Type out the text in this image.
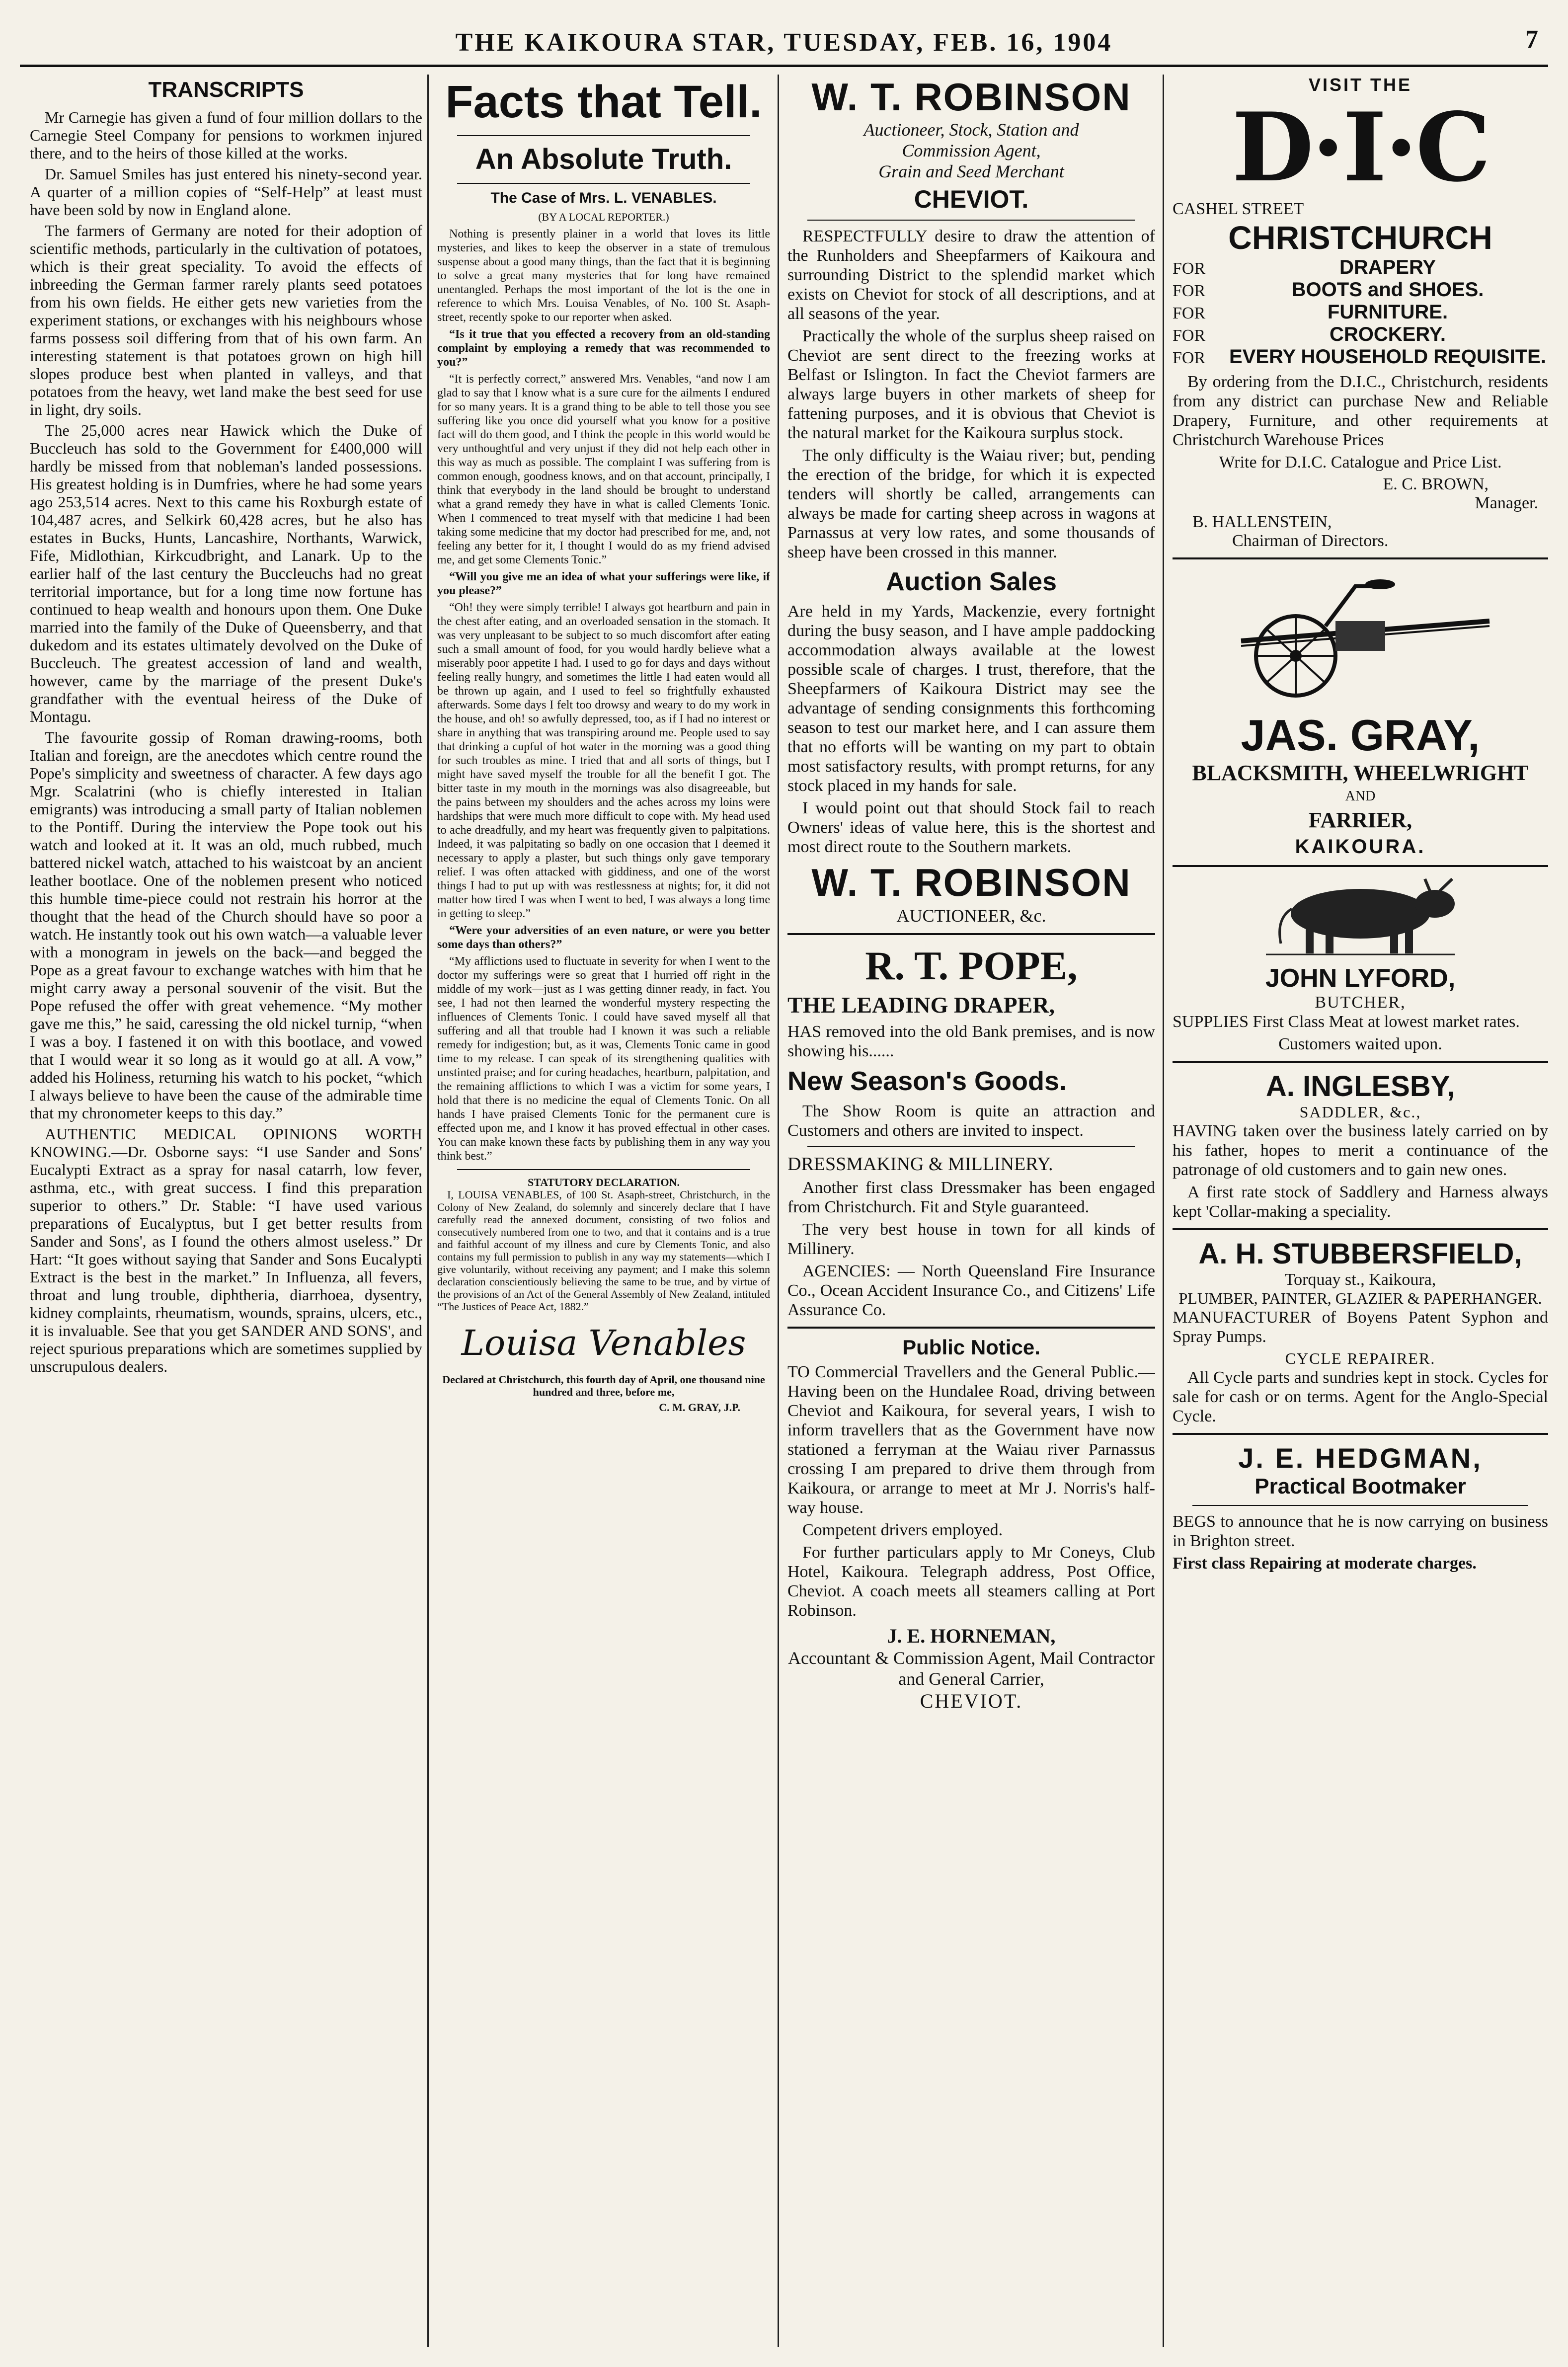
THE KAIKOURA STAR, TUESDAY, FEB. 16, 1904	7
TRANSCRIPTS

Mr Carnegie has given a fund of four million dollars to the Carnegie Steel Company for pensions to workmen injured there, and to the heirs of those killed at the works.

Dr. Samuel Smiles has just entered his ninety-second year. A quarter of a million copies of “Self-Help” at least must have been sold by now in England alone.

The farmers of Germany are noted for their adoption of scientific methods, particularly in the cultivation of potatoes, which is their great speciality. To avoid the effects of inbreeding the German farmer rarely plants seed potatoes from his own fields. He either gets new varieties from the experiment stations, or exchanges with his neighbours whose farms possess soil differing from that of his own farm. An interesting statement is that potatoes grown on high hill slopes produce best when planted in valleys, and that potatoes from the heavy, wet land make the best seed for use in light, dry soils.

The 25,000 acres near Hawick which the Duke of Buccleuch has sold to the Government for £400,000 will hardly be missed from that nobleman's landed possessions. His greatest holding is in Dumfries, where he had some years ago 253,514 acres. Next to this came his Roxburgh estate of 104,487 acres, and Selkirk 60,428 acres, but he also has estates in Bucks, Hunts, Lancashire, Northants, Warwick, Fife, Midlothian, Kirkcudbright, and Lanark. Up to the earlier half of the last century the Buccleuchs had no great territorial importance, but for a long time now fortune has continued to heap wealth and honours upon them. One Duke married into the family of the Duke of Queensberry, and that dukedom and its estates ultimately devolved on the Duke of Buccleuch. The greatest accession of land and wealth, however, came by the marriage of the present Duke's grandfather with the eventual heiress of the Duke of Montagu.

The favourite gossip of Roman drawing-rooms, both Italian and foreign, are the anecdotes which centre round the Pope's simplicity and sweetness of character. A few days ago Mgr. Scalatrini (who is chiefly interested in Italian emigrants) was introducing a small party of Italian noblemen to the Pontiff. During the interview the Pope took out his watch and looked at it. It was an old, much rubbed, much battered nickel watch, attached to his waistcoat by an ancient leather bootlace. One of the noblemen present who noticed this humble time-piece could not restrain his horror at the thought that the head of the Church should have so poor a watch. He instantly took out his own watch—a valuable lever with a monogram in jewels on the back—and begged the Pope as a great favour to exchange watches with him that he might carry away a personal souvenir of the visit. But the Pope refused the offer with great vehemence. “My mother gave me this,” he said, caressing the old nickel turnip, “when I was a boy. I fastened it on with this bootlace, and vowed that I would wear it so long as it would go at all. A vow,” added his Holiness, returning his watch to his pocket, “which I always believe to have been the cause of the admirable time that my chronometer keeps to this day.”

AUTHENTIC MEDICAL OPINIONS WORTH KNOWING.—Dr. Osborne says: “I use Sander and Sons' Eucalypti Extract as a spray for nasal catarrh, low fever, asthma, etc., with great success. I find this preparation superior to others.” Dr. Stable: “I have used various preparations of Eucalyptus, but I get better results from Sander and Sons', as I found the others almost useless.” Dr Hart: “It goes without saying that Sander and Sons Eucalypti Extract is the best in the market.” In Influenza, all fevers, throat and lung trouble, diphtheria, diarrhoea, dysentry, kidney complaints, rheumatism, wounds, sprains, ulcers, etc., it is invaluable. See that you get SANDER AND SONS', and reject spurious preparations which are sometimes supplied by unscrupulous dealers.

Facts that Tell.
An Absolute Truth.
The Case of Mrs. L. VENABLES.
(BY A LOCAL REPORTER.)

Nothing is presently plainer in a world that loves its little mysteries, and likes to keep the observer in a state of tremulous suspense about a good many things, than the fact that it is beginning to solve a great many mysteries that for long have remained unentangled. Perhaps the most important of the lot is the one in reference to which Mrs. Louisa Venables, of No. 100 St. Asaph-street, recently spoke to our reporter when asked.

“Is it true that you effected a recovery from an old-standing complaint by employing a remedy that was recommended to you?”

“It is perfectly correct,” answered Mrs. Venables, “and now I am glad to say that I know what is a sure cure for the ailments I endured for so many years. It is a grand thing to be able to tell those you see suffering like you once did yourself what you know for a positive fact will do them good, and I think the people in this world would be very unthoughtful and very unjust if they did not help each other in this way as much as possible. The complaint I was suffering from is common enough, goodness knows, and on that account, principally, I think that everybody in the land should be brought to understand what a grand remedy they have in what is called Clements Tonic. When I commenced to treat myself with that medicine I had been taking some medicine that my doctor had prescribed for me, and, not feeling any better for it, I thought I would do as my friend advised me, and get some Clements Tonic.”

“Will you give me an idea of what your sufferings were like, if you please?”

“Oh! they were simply terrible! I always got heartburn and pain in the chest after eating, and an overloaded sensation in the stomach. It was very unpleasant to be subject to so much discomfort after eating such a small amount of food, for you would hardly believe what a miserably poor appetite I had. I used to go for days and days without feeling really hungry, and sometimes the little I had eaten would all be thrown up again, and I used to feel so frightfully exhausted afterwards. Some days I felt too drowsy and weary to do my work in the house, and oh! so awfully depressed, too, as if I had no interest or share in anything that was transpiring around me. People used to say that drinking a cupful of hot water in the morning was a good thing for such troubles as mine. I tried that and all sorts of things, but I might have saved myself the trouble for all the benefit I got. The bitter taste in my mouth in the mornings was also disagreeable, but the pains between my shoulders and the aches across my loins were hardships that were much more difficult to cope with. My head used to ache dreadfully, and my heart was frequently given to palpitations. Indeed, it was palpitating so badly on one occasion that I deemed it necessary to apply a plaster, but such things only gave temporary relief. I was often attacked with giddiness, and one of the worst things I had to put up with was restlessness at nights; for, it did not matter how tired I was when I went to bed, I was always a long time in getting to sleep.”

“Were your adversities of an even nature, or were you better some days than others?”

“My afflictions used to fluctuate in severity for when I went to the doctor my sufferings were so great that I hurried off right in the middle of my work—just as I was getting dinner ready, in fact. You see, I had not then learned the wonderful mystery respecting the influences of Clements Tonic. I could have saved myself all that suffering and all that trouble had I known it was such a reliable remedy for indigestion; but, as it was, Clements Tonic came in good time to my release. I can speak of its strengthening qualities with unstinted praise; and for curing headaches, heartburn, palpitation, and the remaining afflictions to which I was a victim for some years, I hold that there is no medicine the equal of Clements Tonic. On all hands I have praised Clements Tonic for the permanent cure is effected upon me, and I know it has proved effectual in other cases. You can make known these facts by publishing them in any way you think best.”

STATUTORY DECLARATION.

I, LOUISA VENABLES, of 100 St. Asaph-street, Christchurch, in the Colony of New Zealand, do solemnly and sincerely declare that I have carefully read the annexed document, consisting of two folios and consecutively numbered from one to two, and that it contains and is a true and faithful account of my illness and cure by Clements Tonic, and also contains my full permission to publish in any way my statements—which I give voluntarily, without receiving any payment; and I make this solemn declaration conscientiously believing the same to be true, and by virtue of the provisions of an Act of the General Assembly of New Zealand, intituled “The Justices of Peace Act, 1882.”

Louisa Venables

Declared at Christchurch, this fourth day of April, one thousand nine hundred and three, before me,

C. M. GRAY, J.P.

W. T. ROBINSON
Auctioneer, Stock, Station and
Commission Agent,
Grain and Seed Merchant
CHEVIOT.

RESPECTFULLY desire to draw the attention of the Runholders and Sheepfarmers of Kaikoura and surrounding District to the splendid market which exists on Cheviot for stock of all descriptions, and at all seasons of the year.

Practically the whole of the surplus sheep raised on Cheviot are sent direct to the freezing works at Belfast or Islington. In fact the Cheviot farmers are always large buyers in other markets of sheep for fattening purposes, and it is obvious that Cheviot is the natural market for the Kaikoura surplus stock.

The only difficulty is the Waiau river; but, pending the erection of the bridge, for which it is expected tenders will shortly be called, arrangements can always be made for carting sheep across in wagons at Parnassus at very low rates, and some thousands of sheep have been crossed in this manner.

Auction Sales

Are held in my Yards, Mackenzie, every fortnight during the busy season, and I have ample paddocking accommodation always available at the lowest possible scale of charges. I trust, therefore, that the Sheepfarmers of Kaikoura District may see the advantage of sending consignments this forthcoming season to test our market here, and I can assure them that no efforts will be wanting on my part to obtain most satisfactory results, with prompt returns, for any stock placed in my hands for sale.

I would point out that should Stock fail to reach Owners' ideas of value here, this is the shortest and most direct route to the Southern markets.

W. T. ROBINSON
AUCTIONEER, &c.
R. T. POPE,
THE LEADING DRAPER,

HAS removed into the old Bank premises, and is now showing his......

New Season's Goods.

The Show Room is quite an attraction and Customers and others are invited to inspect.

DRESSMAKING & MILLINERY.

Another first class Dressmaker has been engaged from Christchurch. Fit and Style guaranteed.

The very best house in town for all kinds of Millinery.

AGENCIES: — North Queensland Fire Insurance Co., Ocean Accident Insurance Co., and Citizens' Life Assurance Co.

Public Notice.

TO Commercial Travellers and the General Public.—Having been on the Hundalee Road, driving between Cheviot and Kaikoura, for several years, I wish to inform travellers that as the Government have now stationed a ferryman at the Waiau river Parnassus crossing I am prepared to drive them through from Kaikoura, or arrange to meet at Mr J. Norris's half-way house.

Competent drivers employed.

For further particulars apply to Mr Coneys, Club Hotel, Kaikoura. Telegraph address, Post Office, Cheviot. A coach meets all steamers calling at Port Robinson.

J. E. HORNEMAN,
Accountant & Commission Agent, Mail Contractor and General Carrier,
CHEVIOT.
VISIT THE
D·I·C
CASHEL STREET
CHRISTCHURCH
FOR	DRAPERY
FOR	BOOTS and SHOES.
FOR	FURNITURE.
FOR	CROCKERY.
FOR	EVERY HOUSEHOLD REQUISITE.

By ordering from the D.I.C., Christchurch, residents from any district can purchase New and Reliable Drapery, Furniture, and other requirements at Christchurch Warehouse Prices

Write for D.I.C. Catalogue and Price List.

E. C. BROWN,
Manager.
B. HALLENSTEIN,
Chairman of Directors.
JAS. GRAY,
BLACKSMITH, WHEELWRIGHT
AND
FARRIER,
KAIKOURA.
JOHN LYFORD,
BUTCHER,

SUPPLIES First Class Meat at lowest market rates.

Customers waited upon.

A. INGLESBY,
SADDLER, &c.,

HAVING taken over the business lately carried on by his father, hopes to merit a continuance of the patronage of old customers and to gain new ones.

A first rate stock of Saddlery and Harness always kept 'Collar-making a speciality.

A. H. STUBBERSFIELD,
Torquay st., Kaikoura,
PLUMBER, PAINTER, GLAZIER & PAPERHANGER.

MANUFACTURER of Boyens Patent Syphon and Spray Pumps.

CYCLE REPAIRER.

All Cycle parts and sundries kept in stock. Cycles for sale for cash or on terms. Agent for the Anglo-Special Cycle.

J. E. HEDGMAN,
Practical Bootmaker

BEGS to announce that he is now carrying on business in Brighton street.

First class Repairing at moderate charges.
